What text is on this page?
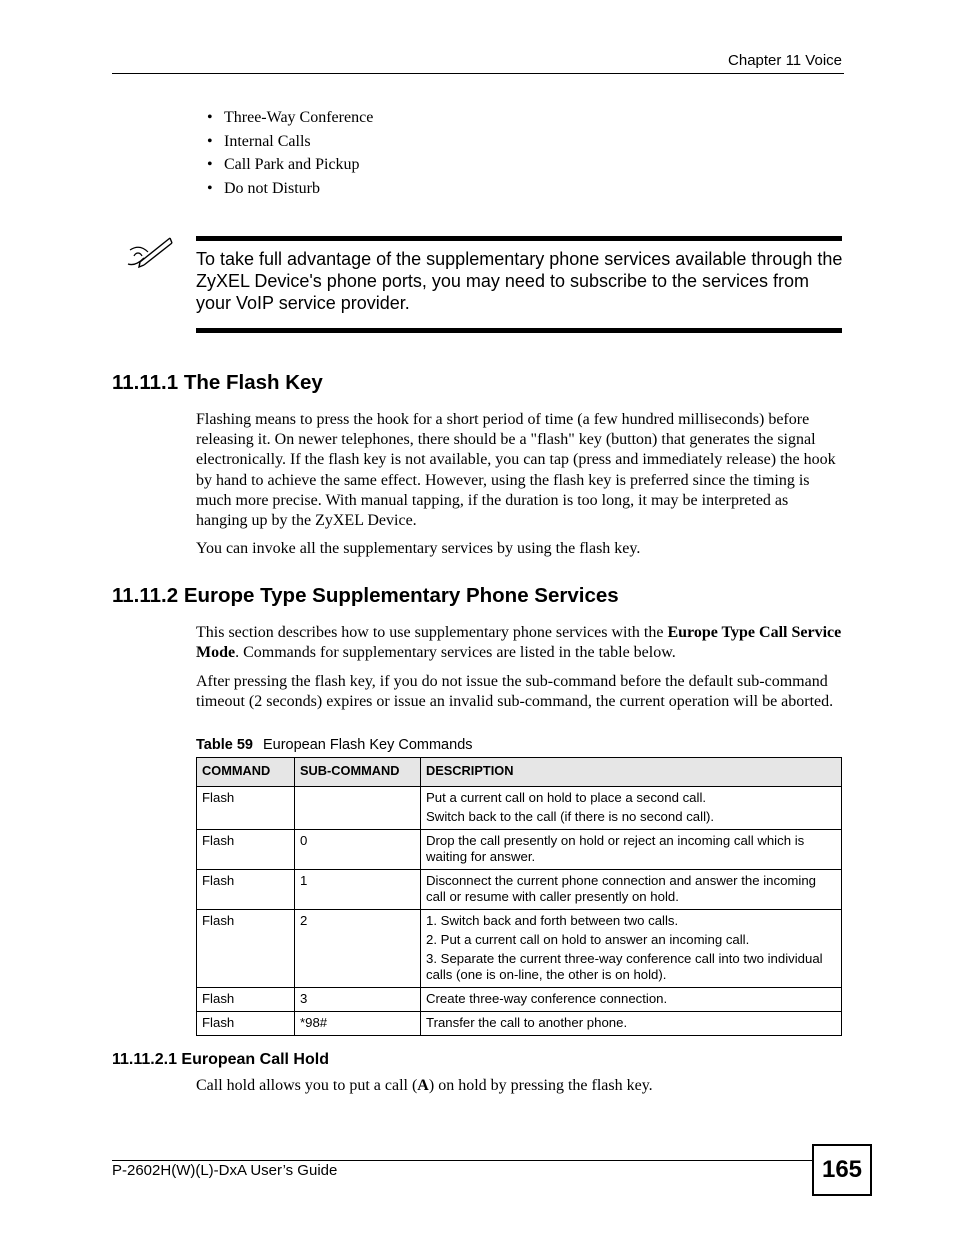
Chapter 11 Voice
• Three-Way Conference
• Internal Calls
• Call Park and Pickup
• Do not Disturb
To take full advantage of the supplementary phone services available through the ZyXEL Device's phone ports, you may need to subscribe to the services from your VoIP service provider.
11.11.1 The Flash Key

Flashing means to press the hook for a short period of time (a few hundred milliseconds) before releasing it. On newer telephones, there should be a "flash" key (button) that generates the signal electronically. If the flash key is not available, you can tap (press and immediately release) the hook by hand to achieve the same effect. However, using the flash key is preferred since the timing is much more precise. With manual tapping, if the duration is too long, it may be interpreted as hanging up by the ZyXEL Device.

You can invoke all the supplementary services by using the flash key.

11.11.2 Europe Type Supplementary Phone Services

This section describes how to use supplementary phone services with the Europe Type Call Service Mode. Commands for supplementary services are listed in the table below.

After pressing the flash key, if you do not issue the sub-command before the default sub-command timeout (2 seconds) expires or issue an invalid sub-command, the current operation will be aborted.

Table 59 European Flash Key Commands
COMMAND	SUB-COMMAND	DESCRIPTION
Flash		Put a current call on hold to place a second call.
Switch back to the call (if there is no second call).

Flash	0	Drop the call presently on hold or reject an incoming call which is waiting for answer.

Flash	1	Disconnect the current phone connection and answer the incoming call or resume with caller presently on hold.

Flash	2	1. Switch back and forth between two calls.
2. Put a current call on hold to answer an incoming call.
3. Separate the current three-way conference call into two individual calls (one is on-line, the other is on hold).

Flash	3	Create three-way conference connection.

Flash	*98#	Transfer the call to another phone.
11.11.2.1 European Call Hold

Call hold allows you to put a call (A) on hold by pressing the flash key.

P-2602H(W)(L)-DxA User’s Guide	165
